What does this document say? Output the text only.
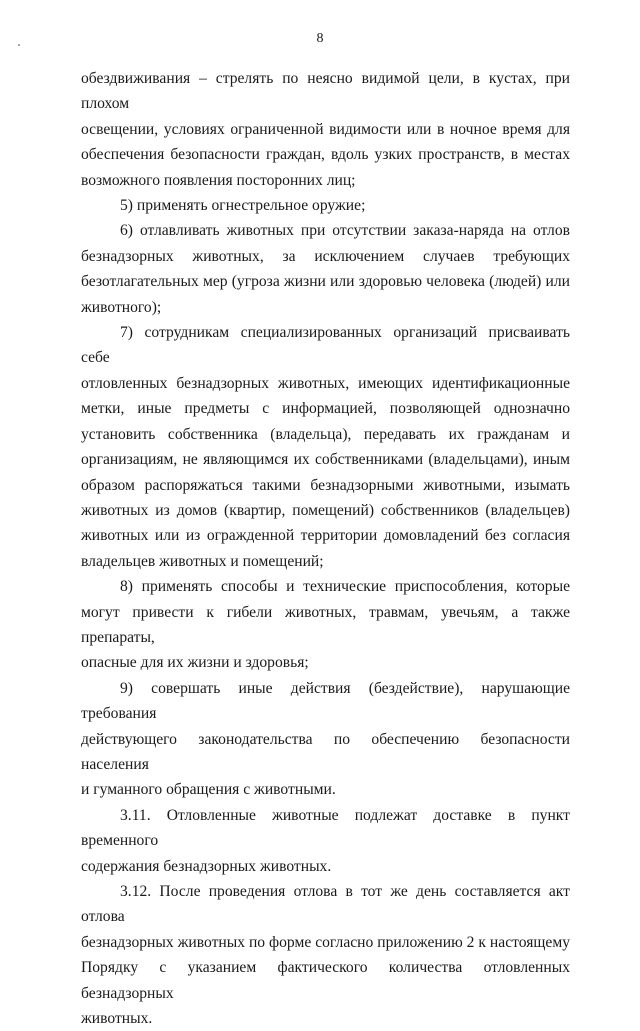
8
обездвиживания – стрелять по неясно видимой цели, в кустах, при плохом
освещении, условиях ограниченной видимости или в ночное время для
обеспечения безопасности граждан, вдоль узких пространств, в местах
возможного появления посторонних лиц;
5) применять огнестрельное оружие;
6) отлавливать животных при отсутствии заказа-наряда на отлов
безнадзорных животных, за исключением случаев требующих
безотлагательных мер (угроза жизни или здоровью человека (людей) или
животного);
7) сотрудникам специализированных организаций присваивать себе
отловленных безнадзорных животных, имеющих идентификационные
метки, иные предметы с информацией, позволяющей однозначно
установить собственника (владельца), передавать их гражданам и
организациям, не являющимся их собственниками (владельцами), иным
образом распоряжаться такими безнадзорными животными, изымать
животных из домов (квартир, помещений) собственников (владельцев)
животных или из огражденной территории домовладений без согласия
владельцев животных и помещений;
8) применять способы и технические приспособления, которые
могут привести к гибели животных, травмам, увечьям, а также препараты,
опасные для их жизни и здоровья;
9) совершать иные действия (бездействие), нарушающие требования
действующего законодательства по обеспечению безопасности населения
и гуманного обращения с животными.
3.11. Отловленные животные подлежат доставке в пункт временного
содержания безнадзорных животных.
3.12. После проведения отлова в тот же день составляется акт отлова
безнадзорных животных по форме согласно приложению 2 к настоящему
Порядку с указанием фактического количества отловленных безнадзорных
животных.
